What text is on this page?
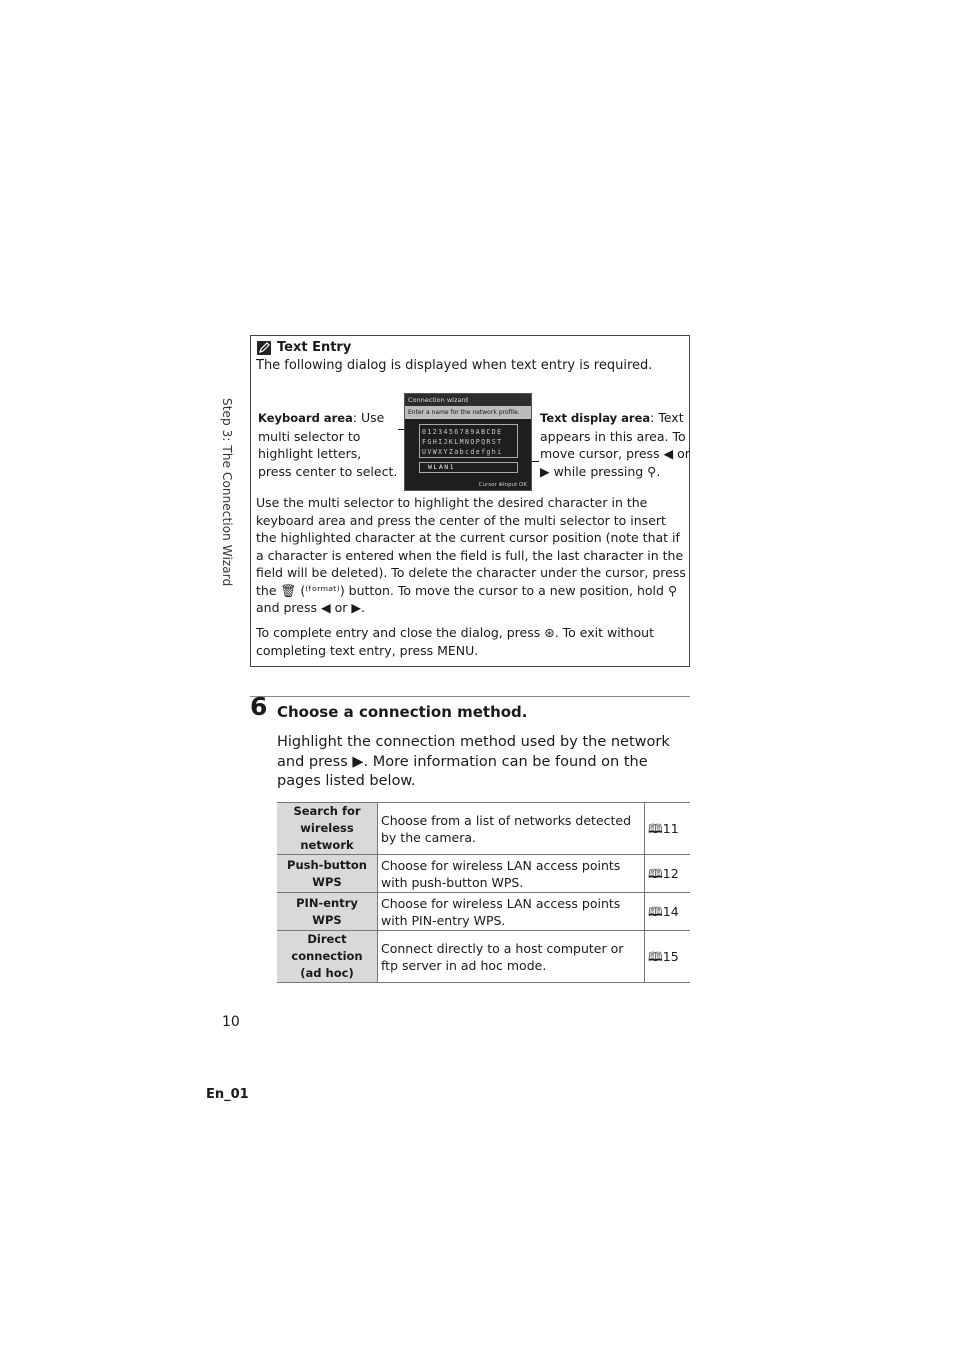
Step 3: The Connection Wizard
Text Entry
The following dialog is displayed when text entry is required.
Keyboard area: Use multi selector to highlight letters, press center to select.
Connection wizard
Enter a name for the network profile.
0123456789ABCDE
FGHIJKLMNOPQRST
UVWXYZabcdefghi
WLAN1
Cursor ⊕Input OK
Text display area: Text appears in this area. To move cursor, press ◀ or ▶ while pressing ⚲.

Use the multi selector to highlight the desired character in the keyboard area and press the center of the multi selector to insert the highlighted character at the current cursor position (note that if a character is entered when the field is full, the last character in the field will be deleted). To delete the character under the cursor, press the 🗑 (⁽ᶠᵒʳᵐᵃᵗ⁾) button. To move the cursor to a new position, hold ⚲ and press ◀ or ▶.

To complete entry and close the dialog, press ⊛. To exit without completing text entry, press MENU.

6 Choose a connection method.

Highlight the connection method used by the network and press ▶. More information can be found on the pages listed below.

Search for wireless network	Choose from a list of networks detected by the camera.	🕮11
Push-button WPS	Choose for wireless LAN access points with push-button WPS.	🕮12
PIN-entry WPS	Choose for wireless LAN access points with PIN-entry WPS.	🕮14
Direct connection (ad hoc)	Connect directly to a host computer or ftp server in ad hoc mode.	🕮15
10
En_01
